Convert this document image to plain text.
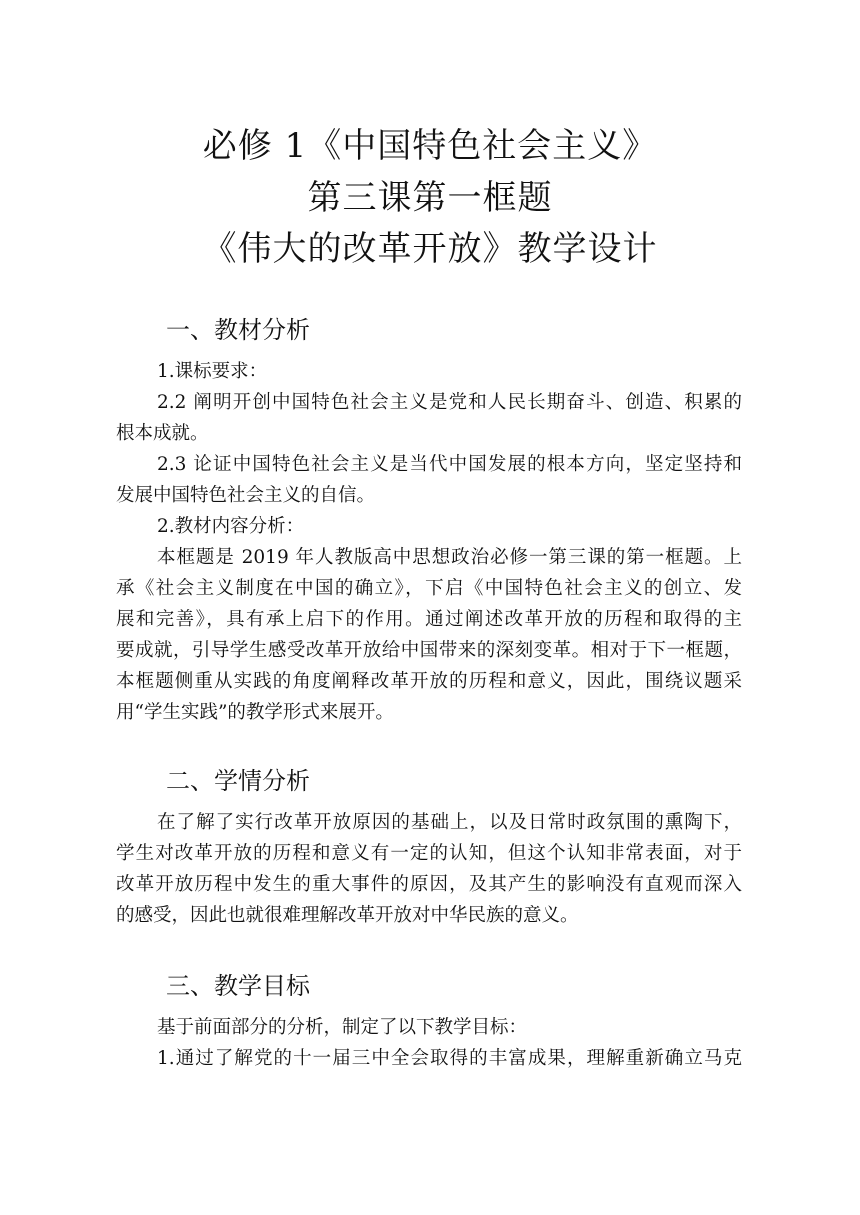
必修 1《中国特色社会主义》
第三课第一框题
《伟大的改革开放》教学设计
一、教材分析
1.课标要求：
2.2 阐明开创中国特色社会主义是党和人民长期奋斗、创造、积累的
根本成就。
2.3 论证中国特色社会主义是当代中国发展的根本方向，坚定坚持和
发展中国特色社会主义的自信。
2.教材内容分析：
本框题是 2019 年人教版高中思想政治必修一第三课的第一框题。上
承《社会主义制度在中国的确立》，下启《中国特色社会主义的创立、发
展和完善》，具有承上启下的作用。通过阐述改革开放的历程和取得的主
要成就，引导学生感受改革开放给中国带来的深刻变革。相对于下一框题，
本框题侧重从实践的角度阐释改革开放的历程和意义，因此，围绕议题采
用“学生实践”的教学形式来展开。
二、学情分析
在了解了实行改革开放原因的基础上，以及日常时政氛围的熏陶下，
学生对改革开放的历程和意义有一定的认知，但这个认知非常表面，对于
改革开放历程中发生的重大事件的原因，及其产生的影响没有直观而深入
的感受，因此也就很难理解改革开放对中华民族的意义。
三、教学目标
基于前面部分的分析，制定了以下教学目标：
1.通过了解党的十一届三中全会取得的丰富成果，理解重新确立马克
